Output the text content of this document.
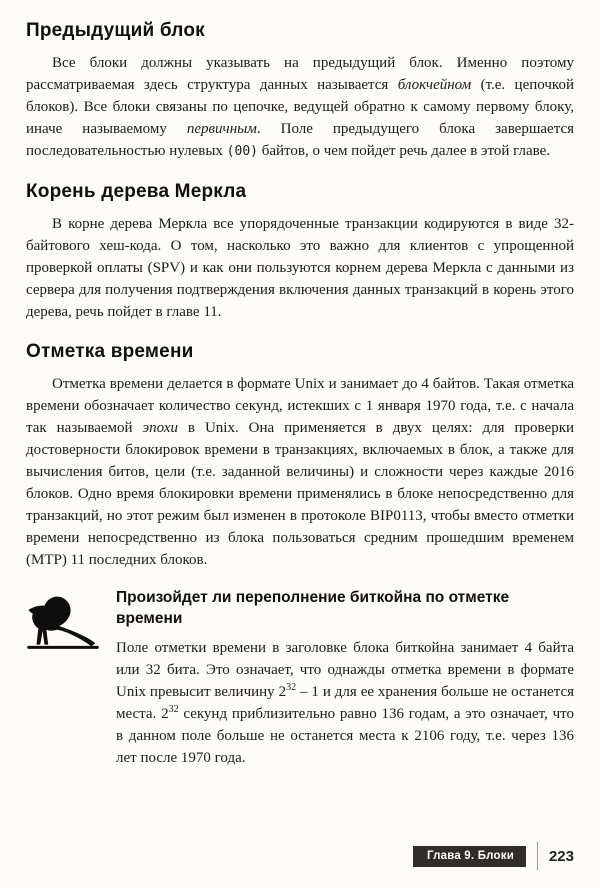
Предыдущий блок

Все блоки должны указывать на предыдущий блок. Именно поэтому рассматриваемая здесь структура данных называется блокчейном (т.е. цепочкой блоков). Все блоки связаны по цепочке, ведущей обратно к самому первому блоку, иначе называемому первичным. Поле предыдущего блока завершается последовательностью нулевых (00) байтов, о чем пойдет речь далее в этой главе.

Корень дерева Меркла

В корне дерева Меркла все упорядоченные транзакции кодируются в виде 32-байтового хеш-кода. О том, насколько это важно для клиентов с упрощенной проверкой оплаты (SPV) и как они пользуются корнем дерева Меркла с данными из сервера для получения подтверждения включения данных транзакций в корень этого дерева, речь пойдет в главе 11.

Отметка времени

Отметка времени делается в формате Unix и занимает до 4 байтов. Такая отметка времени обозначает количество секунд, истекших с 1 января 1970 года, т.е. с начала так называемой эпохи в Unix. Она применяется в двух целях: для проверки достоверности блокировок времени в транзакциях, включаемых в блок, а также для вычисления битов, цели (т.е. заданной величины) и сложности через каждые 2016 блоков. Одно время блокировки времени применялись в блоке непосредственно для транзакций, но этот режим был изменен в протоколе BIP0113, чтобы вместо отметки времени непосредственно из блока пользоваться средним прошедшим временем (MTP) 11 последних блоков.

Произойдет ли переполнение биткойна по отметке времени

Поле отметки времени в заголовке блока биткойна занимает 4 байта или 32 бита. Это означает, что однажды отметка времени в формате Unix превысит величину $2^{32} - 1$ и для ее хранения больше не останется места. $2^{32}$ секунд приблизительно равно 136 годам, а это означает, что в данном поле больше не останется места к 2106 году, т.е. через 136 лет после 1970 года.

Глава 9. Блоки	223
